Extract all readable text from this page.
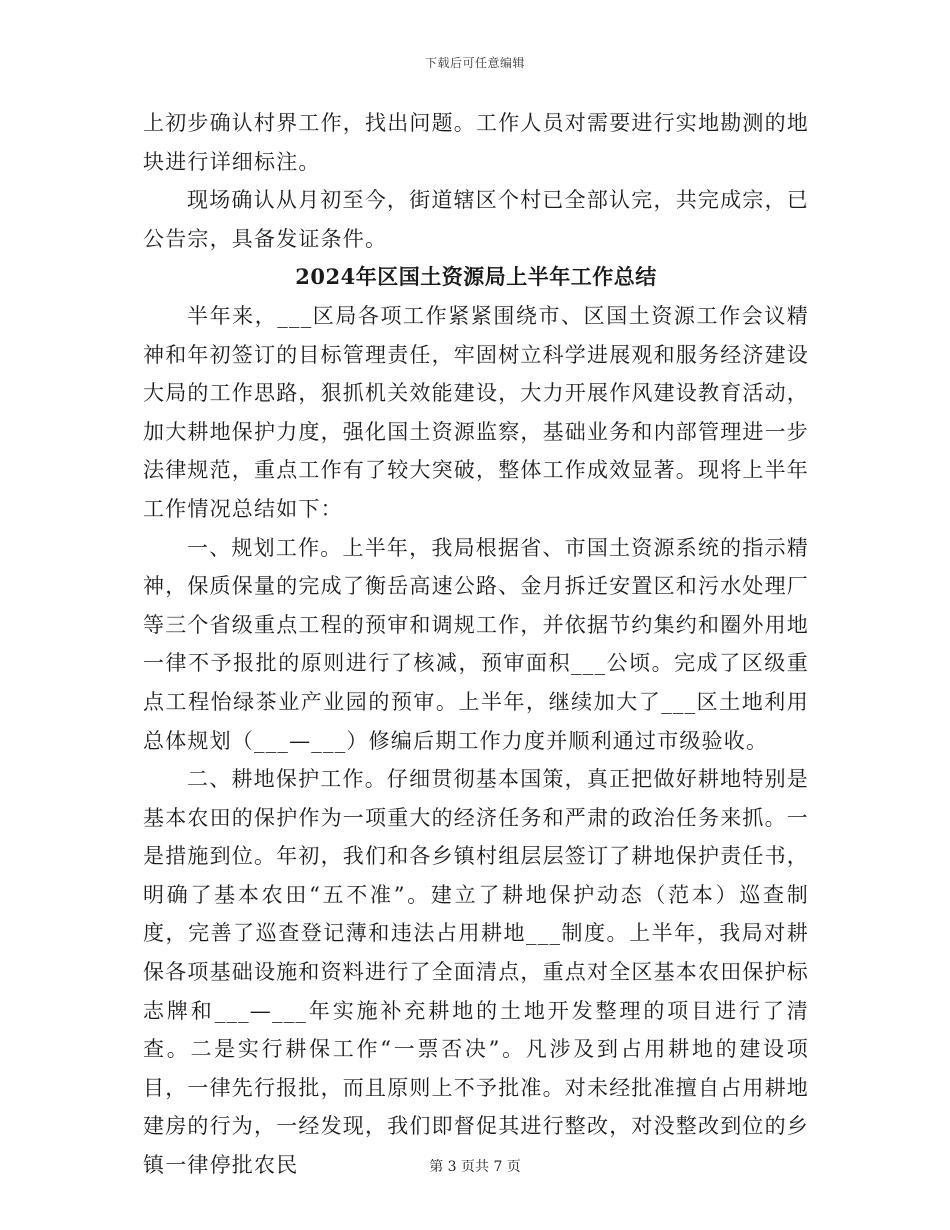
下载后可任意编辑

上初步确认村界工作，找出问题。工作人员对需要进行实地勘测的地块进行详细标注。

现场确认从月初至今，街道辖区个村已全部认完，共完成宗，已公告宗，具备发证条件。

2024年区国土资源局上半年工作总结

半年来，___区局各项工作紧紧围绕市、区国土资源工作会议精神和年初签订的目标管理责任，牢固树立科学进展观和服务经济建设大局的工作思路，狠抓机关效能建设，大力开展作风建设教育活动，加大耕地保护力度，强化国土资源监察，基础业务和内部管理进一步法律规范，重点工作有了较大突破，整体工作成效显著。现将上半年工作情况总结如下：

一、规划工作。上半年，我局根据省、市国土资源系统的指示精神，保质保量的完成了衡岳高速公路、金月拆迁安置区和污水处理厂等三个省级重点工程的预审和调规工作，并依据节约集约和圈外用地一律不予报批的原则进行了核减，预审面积___公顷。完成了区级重点工程怡绿茶业产业园的预审。上半年，继续加大了___区土地利用总体规划（___—___）修编后期工作力度并顺利通过市级验收。

二、耕地保护工作。仔细贯彻基本国策，真正把做好耕地特别是基本农田的保护作为一项重大的经济任务和严肃的政治任务来抓。一是措施到位。年初，我们和各乡镇村组层层签订了耕地保护责任书，明确了基本农田“五不准”。建立了耕地保护动态（范本）巡查制度，完善了巡查登记薄和违法占用耕地___制度。上半年，我局对耕保各项基础设施和资料进行了全面清点，重点对全区基本农田保护标志牌和___—___年实施补充耕地的土地开发整理的项目进行了清查。二是实行耕保工作“一票否决”。凡涉及到占用耕地的建设项目，一律先行报批，而且原则上不予批准。对未经批准擅自占用耕地建房的行为，一经发现，我们即督促其进行整改，对没整改到位的乡镇一律停批农民	第 3 页共 7 页
